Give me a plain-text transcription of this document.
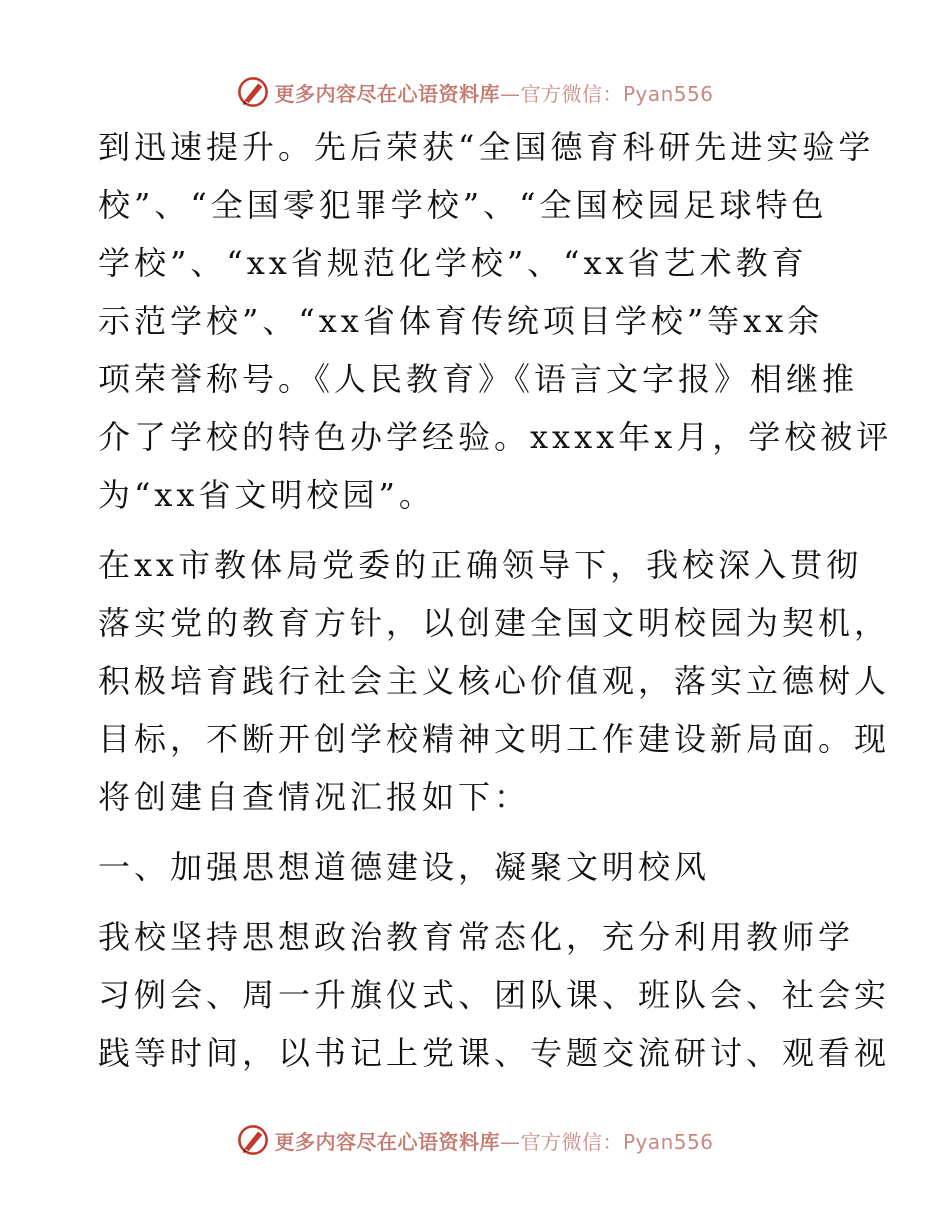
更多内容尽在心语资料库—官方微信：Pyan556

到迅速提升。先后荣获“全国德育科研先进实验学
校”、“全国零犯罪学校”、“全国校园足球特色
学校”、“xx省规范化学校”、“xx省艺术教育
示范学校”、“xx省体育传统项目学校”等xx余
项荣誉称号。《人民教育》《语言文字报》相继推
介了学校的特色办学经验。xxxx年x月，学校被评
为“xx省文明校园”。

在xx市教体局党委的正确领导下，我校深入贯彻
落实党的教育方针，以创建全国文明校园为契机，
积极培育践行社会主义核心价值观，落实立德树人
目标，不断开创学校精神文明工作建设新局面。现
将创建自查情况汇报如下：

一、加强思想道德建设，凝聚文明校风

我校坚持思想政治教育常态化，充分利用教师学
习例会、周一升旗仪式、团队课、班队会、社会实
践等时间，以书记上党课、专题交流研讨、观看视

更多内容尽在心语资料库—官方微信：Pyan556
